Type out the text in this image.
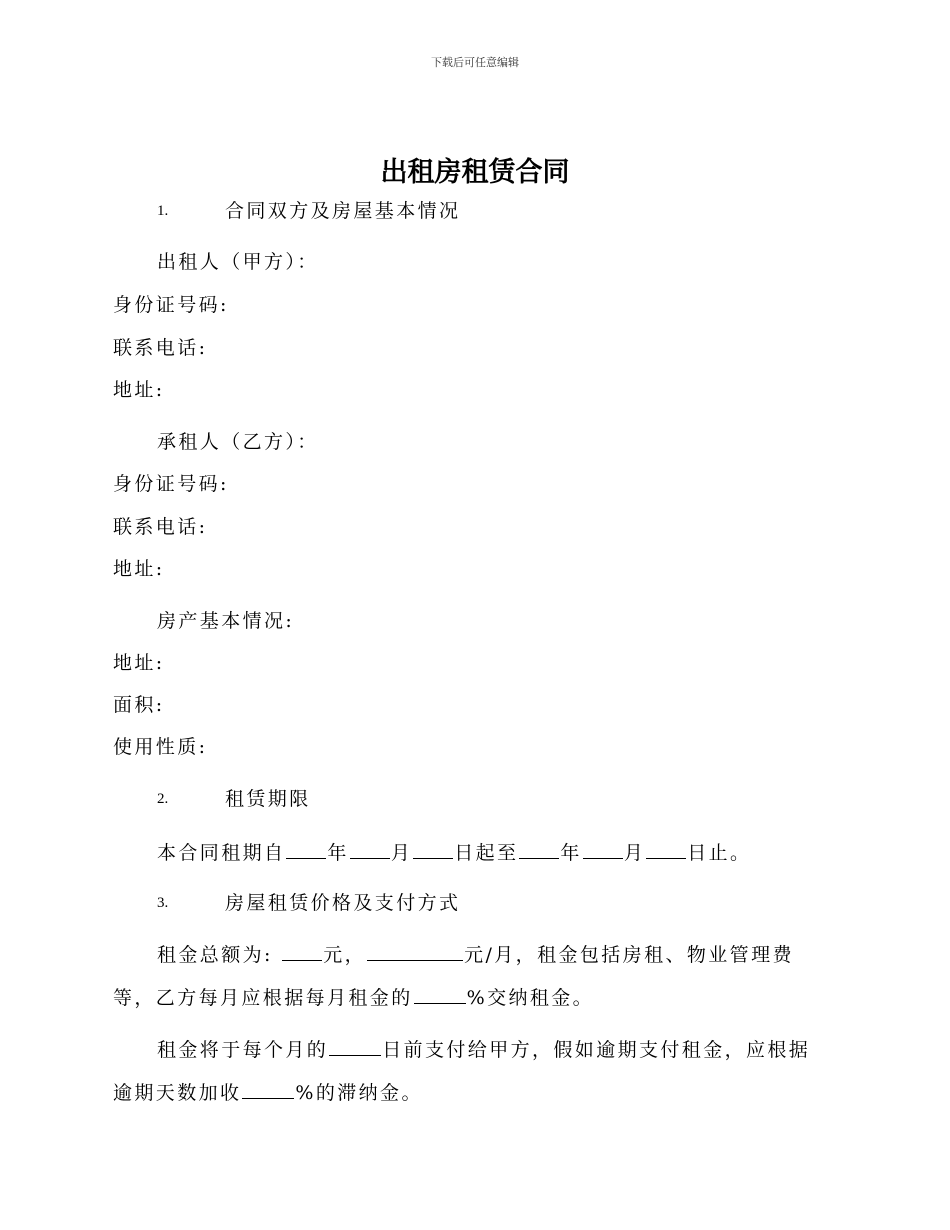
下载后可任意编辑
出租房租赁合同
1.	合同双方及房屋基本情况
出租人（甲方）：
身份证号码:
联系电话:
地址:
承租人（乙方）：
身份证号码:
联系电话:
地址:
房产基本情况:
地址:
面积:
使用性质:
2.	租赁期限
本合同租期自 年 月 日起至 年 月 日止。
3.	房屋租赁价格及支付方式
租金总额为: 元，	元/月，租金包括房租、物业管理费
等，乙方每月应根据每月租金的	%交纳租金。
租金将于每个月的	日前支付给甲方，假如逾期支付租金，应根据
逾期天数加收	%的滞纳金。
